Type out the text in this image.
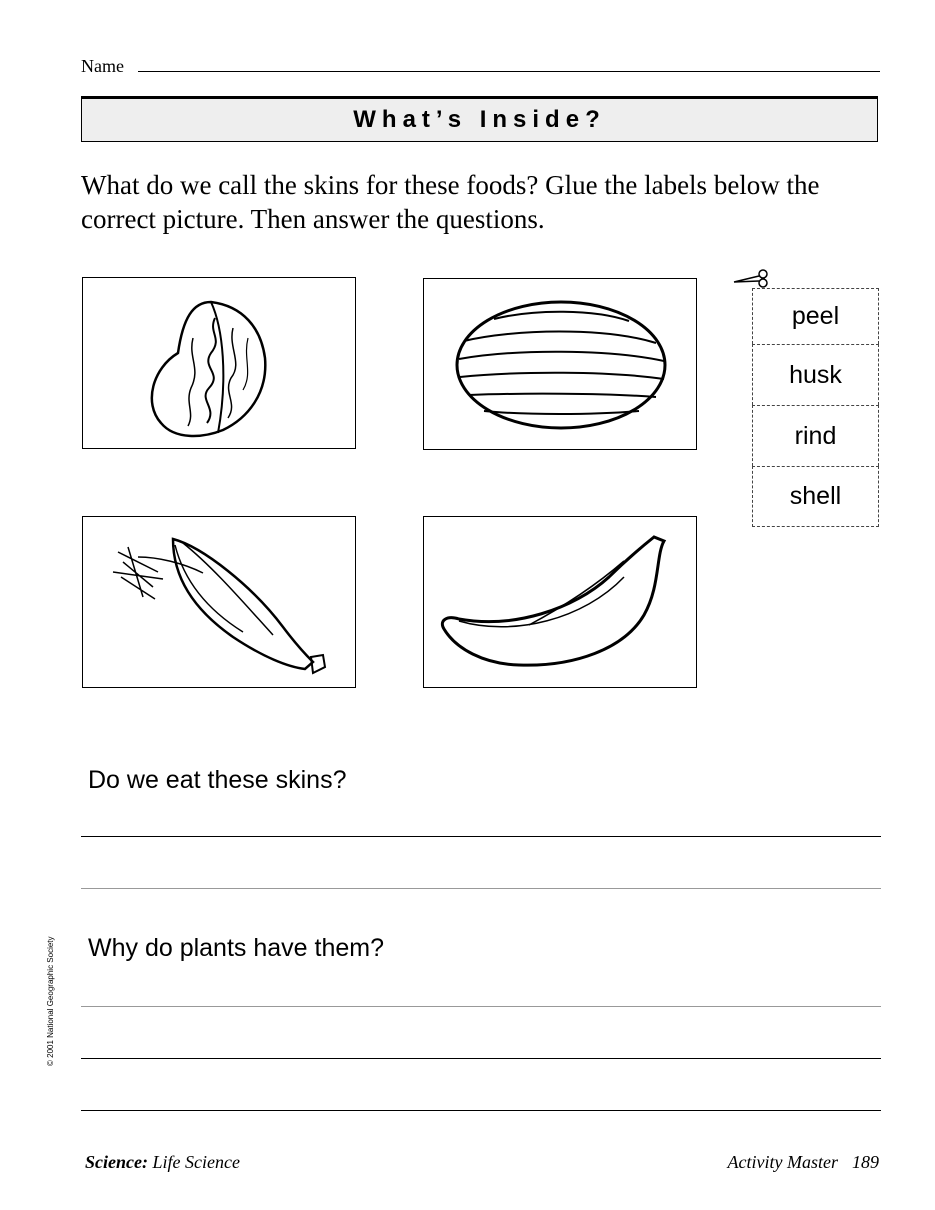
Name
What’s Inside?
What do we call the skins for these foods? Glue the labels below the correct picture. Then answer the questions.
peel
husk
rind
shell
Do we eat these skins?
Why do plants have them?
© 2001 National Geographic Society
Science: Life Science	Activity Master 189
